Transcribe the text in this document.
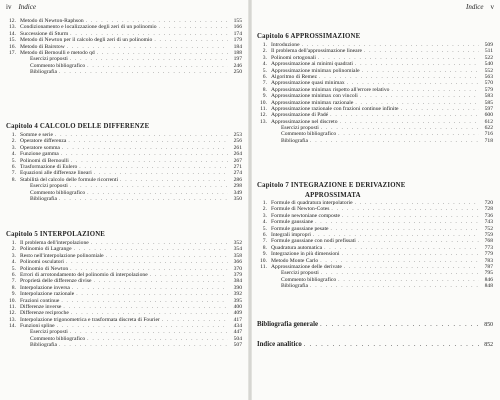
iv Indice
12. Metodo di Newton-Raphson . . .	155
13. Condizionamento e localizzazione degli zeri di un polinomio . . .	166
14. Successione di Sturm . . .	174
15. Metodo di Newton per il calcolo degli zeri di un polinomio . . .	179
16. Metodo di Bairstow . . .	184
17. Metodo di Bernoulli e metodo qd . . .	188
Esercizi proposti . . .	197
Commento bibliografico . . .	246
Bibliografia . . .	250
Capitolo 4 CALCOLO DELLE DIFFERENZE
1. Somme e serie . . .	253
2. Operatore differenza . . .	256
3. Operatore somma . . .	261
4. Funzione gamma . . .	264
5. Polinomi di Bernoulli . . .	267
6. Trasformazione di Eulero . . .	271
7. Equazioni alle differenze lineari . . .	274
8. Stabilità del calcolo delle formule ricorrenti . . .	286
Esercizi proposti . . .	298
Commento bibliografico . . .	349
Bibliografia . . .	350
Capitolo 5 INTERPOLAZIONE
1. Il problema dell'interpolazione . . .	352
2. Polinomio di Lagrange . . .	354
3. Resto nell'interpolazione polinomiale . . .	358
4. Polinomi osculatori . . .	366
5. Polinomio di Newton . . .	370
6. Errori di arrotondamento del polinomio di interpolazione . . .	379
7. Proprietà delle differenze divise . . .	384
8. Interpolazione inversa . . .	390
9. Interpolazione razionale . . .	392
10. Frazioni continue . . .	395
11. Differenze inverse . . .	400
12. Differenze reciproche . . .	409
13. Interpolazione trigonometrica e trasformata discreta di Fourier . . .	417
14. Funzioni spline . . .	434
Esercizi proposti . . .	447
Commento bibliografico . . .	504
Bibliografia . . .	507
Indice v
Capitolo 6 APPROSSIMAZIONE
1. Introduzione . . .	509
2. Il problema dell'approssimazione lineare . . .	511
3. Polinomi ortogonali . . .	522
4. Approssimazione ai minimi quadrati . . .	540
5. Approssimazione minimax polinomiale . . .	552
6. Algoritmo di Remez . . .	563
7. Approssimazione quasi minimax . . .	570
8. Approssimazione minimax rispetto all'errore relativo . . .	579
9. Approssimazione minimax con vincoli . . .	583
10. Approssimazione minimax razionale . . .	585
11. Approssimazione razionale con frazioni continue infinite . . .	597
12. Approssimazione di Padé . . .	600
13. Approssimazione nel discreto . . .	612
Esercizi proposti . . .	622
Commento bibliografico . . .	716
Bibliografia . . .	718
Capitolo 7 INTEGRAZIONE E DERIVAZIONE
APPROSSIMATA
1. Formule di quadratura interpolatorie . . .	720
2. Formule di Newton-Cotes . . .	728
3. Formule newtoniane composte . . .	736
4. Formule gaussiane . . .	743
5. Formule gaussiane pesate . . .	752
6. Integrali impropri . . .	759
7. Formule gaussiane con nodi prefissati . . .	768
8. Quadratura automatica . . .	773
9. Integrazione in più dimensioni . . .	779
10. Metodo Monte Carlo . . .	783
11. Approssimazione delle derivate . . .	787
Esercizi proposti . . .	795
Commento bibliografico . . .	846
Bibliografia . . .	848
Bibliografia generale . . .	850
Indice analitico . . .	852
